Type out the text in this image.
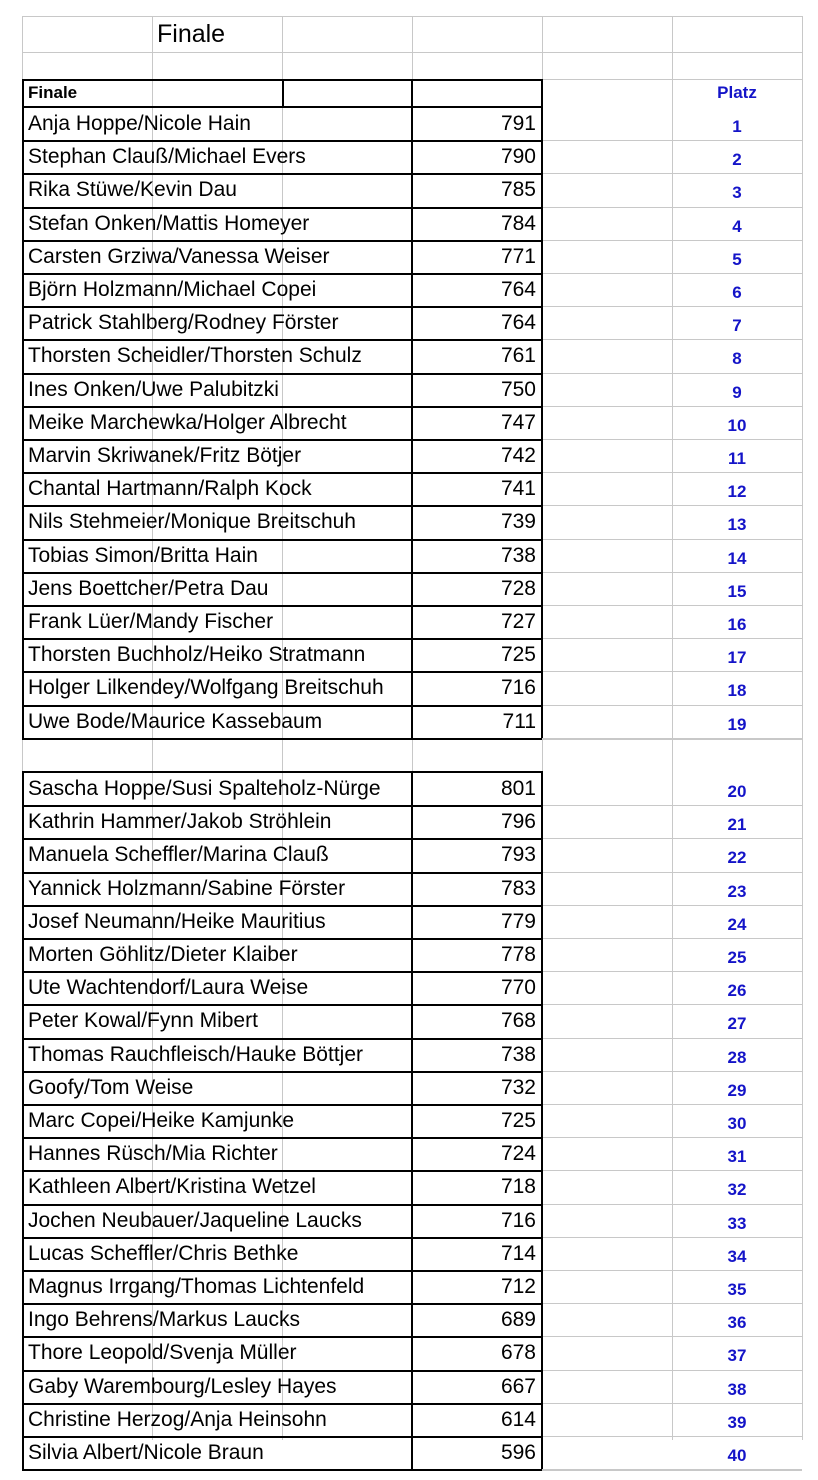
Finale
Finale	Platz
Anja Hoppe/Nicole Hain	791	1
Stephan Clauß/Michael Evers	790	2
Rika Stüwe/Kevin Dau	785	3
Stefan Onken/Mattis Homeyer	784	4
Carsten Grziwa/Vanessa Weiser	771	5
Björn Holzmann/Michael Copei	764	6
Patrick Stahlberg/Rodney Förster	764	7
Thorsten Scheidler/Thorsten Schulz	761	8
Ines Onken/Uwe Palubitzki	750	9
Meike Marchewka/Holger Albrecht	747	10
Marvin Skriwanek/Fritz Bötjer	742	11
Chantal Hartmann/Ralph Kock	741	12
Nils Stehmeier/Monique Breitschuh	739	13
Tobias Simon/Britta Hain	738	14
Jens Boettcher/Petra Dau	728	15
Frank Lüer/Mandy Fischer	727	16
Thorsten Buchholz/Heiko Stratmann	725	17
Holger Lilkendey/Wolfgang Breitschuh	716	18
Uwe Bode/Maurice Kassebaum	711	19
Sascha Hoppe/Susi Spalteholz-Nürge	801	20
Kathrin Hammer/Jakob Ströhlein	796	21
Manuela Scheffler/Marina Clauß	793	22
Yannick Holzmann/Sabine Förster	783	23
Josef Neumann/Heike Mauritius	779	24
Morten Göhlitz/Dieter Klaiber	778	25
Ute Wachtendorf/Laura Weise	770	26
Peter Kowal/Fynn Mibert	768	27
Thomas Rauchfleisch/Hauke Böttjer	738	28
Goofy/Tom Weise	732	29
Marc Copei/Heike Kamjunke	725	30
Hannes Rüsch/Mia Richter	724	31
Kathleen Albert/Kristina Wetzel	718	32
Jochen Neubauer/Jaqueline Laucks	716	33
Lucas Scheffler/Chris Bethke	714	34
Magnus Irrgang/Thomas Lichtenfeld	712	35
Ingo Behrens/Markus Laucks	689	36
Thore Leopold/Svenja Müller	678	37
Gaby Warembourg/Lesley Hayes	667	38
Christine Herzog/Anja Heinsohn	614	39
Silvia Albert/Nicole Braun	596	40
